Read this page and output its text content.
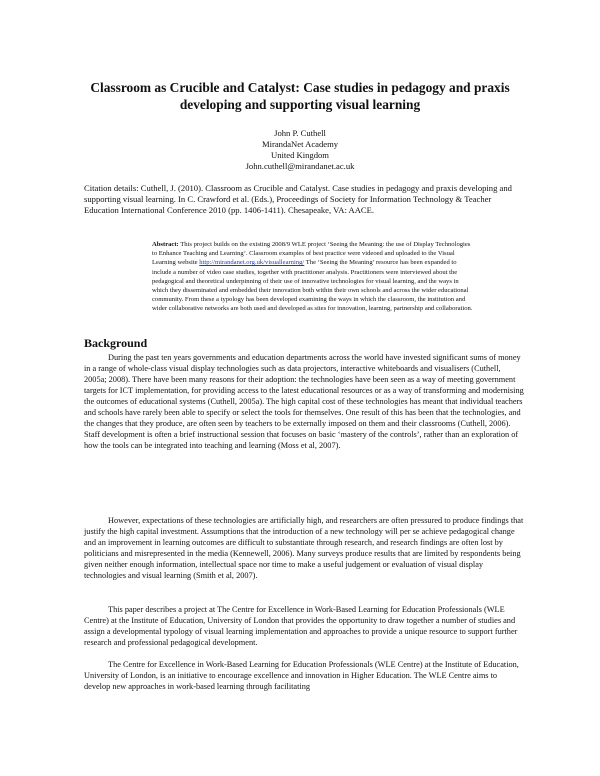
Classroom as Crucible and Catalyst: Case studies in pedagogy and praxis developing and supporting visual learning
John P. Cuthell
MirandaNet Academy
United Kingdom
John.cuthell@mirandanet.ac.uk
Citation details: Cuthell, J. (2010). Classroom as Crucible and Catalyst. Case studies in pedagogy and praxis developing and supporting visual learning. In C. Crawford et al. (Eds.), Proceedings of Society for Information Technology & Teacher Education International Conference 2010 (pp. 1406-1411). Chesapeake, VA: AACE.
Abstract: This project builds on the existing 2008/9 WLE project ‘Seeing the Meaning: the use of Display Technologies to Enhance Teaching and Learning’. Classroom examples of best practice were videoed and uploaded to the Visual Learning website http://mirandanet.org.uk/visuallearning/ The ‘Seeing the Meaning’ resource has been expanded to include a number of video case studies, together with practitioner analysis. Practitioners were interviewed about the pedagogical and theoretical underpinning of their use of innovative technologies for visual learning, and the ways in which they disseminated and embedded their innovation both within their own schools and across the wider educational community. From these a typology has been developed examining the ways in which the classroom, the institution and wider collaborative networks are both used and developed as sites for innovation, learning, partnership and collaboration.
Background

During the past ten years governments and education departments across the world have invested significant sums of money in a range of whole-class visual display technologies such as data projectors, interactive whiteboards and visualisers (Cuthell, 2005a; 2008). There have been many reasons for their adoption: the technologies have been seen as a way of meeting government targets for ICT implementation, for providing access to the latest educational resources or as a way of transforming and modernising the outcomes of educational systems (Cuthell, 2005a). The high capital cost of these technologies has meant that individual teachers and schools have rarely been able to specify or select the tools for themselves. One result of this has been that the technologies, and the changes that they produce, are often seen by teachers to be externally imposed on them and their classrooms (Cuthell, 2006). Staff development is often a brief instructional session that focuses on basic ‘mastery of the controls’, rather than an exploration of how the tools can be integrated into teaching and learning (Moss et al, 2007).

However, expectations of these technologies are artificially high, and researchers are often pressured to produce findings that justify the high capital investment. Assumptions that the introduction of a new technology will per se achieve pedagogical change and an improvement in learning outcomes are difficult to substantiate through research, and research findings are often lost by politicians and misrepresented in the media (Kennewell, 2006). Many surveys produce results that are limited by respondents being given neither enough information, intellectual space nor time to make a useful judgement or evaluation of visual display technologies and visual learning (Smith et al, 2007).

This paper describes a project at The Centre for Excellence in Work-Based Learning for Education Professionals (WLE Centre) at the Institute of Education, University of London that provides the opportunity to draw together a number of studies and assign a developmental typology of visual learning implementation and approaches to provide a unique resource to support further research and professional pedagogical development.

The Centre for Excellence in Work-Based Learning for Education Professionals (WLE Centre) at the Institute of Education, University of London, is an initiative to encourage excellence and innovation in Higher Education. The WLE Centre aims to develop new approaches in work-based learning through facilitating
